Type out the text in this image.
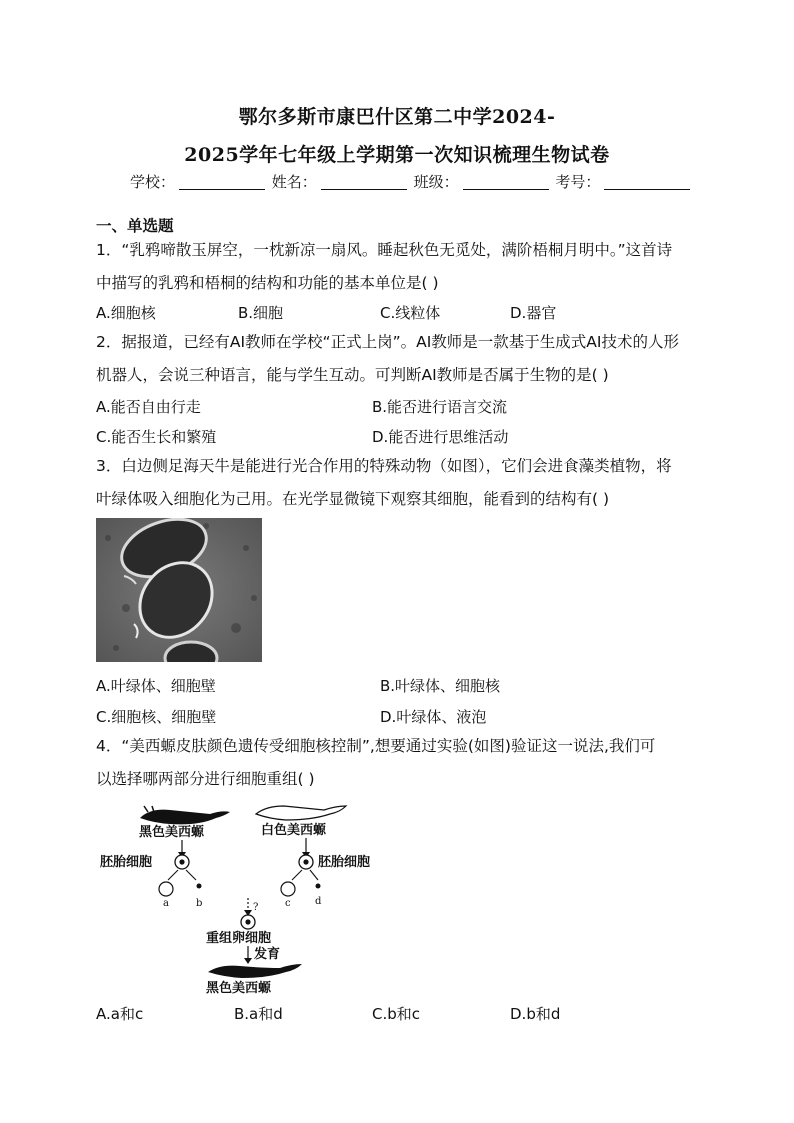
鄂尔多斯市康巴什区第二中学2024-
2025学年七年级上学期第一次知识梳理生物试卷
学校：	姓名：	班级：	考号：
一、单选题
1．“乳鸦啼散玉屏空，一枕新凉一扇风。睡起秋色无觅处，满阶梧桐月明中。”这首诗
中描写的乳鸦和梧桐的结构和功能的基本单位是( )
A.细胞核	B.细胞	C.线粒体	D.器官
2．据报道，已经有AI教师在学校“正式上岗”。AI教师是一款基于生成式AI技术的人形
机器人，会说三种语言，能与学生互动。可判断AI教师是否属于生物的是( )
A.能否自由行走	B.能否进行语言交流
C.能否生长和繁殖	D.能否进行思维活动
3．白边侧足海天牛是能进行光合作用的特殊动物（如图），它们会进食藻类植物，将
叶绿体吸入细胞化为己用。在光学显微镜下观察其细胞，能看到的结构有( )
A.叶绿体、细胞壁	B.叶绿体、细胞核
C.细胞核、细胞壁	D.叶绿体、液泡
4．“美西螈皮肤颜色遗传受细胞核控制”,想要通过实验(如图)验证这一说法,我们可
以选择哪两部分进行细胞重组( )
黑色美西螈	白色美西螈
胚胎细胞	胚胎细胞
a	b	c d
?
重组卵细胞
发育
黑色美西螈
A.a和c	B.a和d	C.b和c	D.b和d
